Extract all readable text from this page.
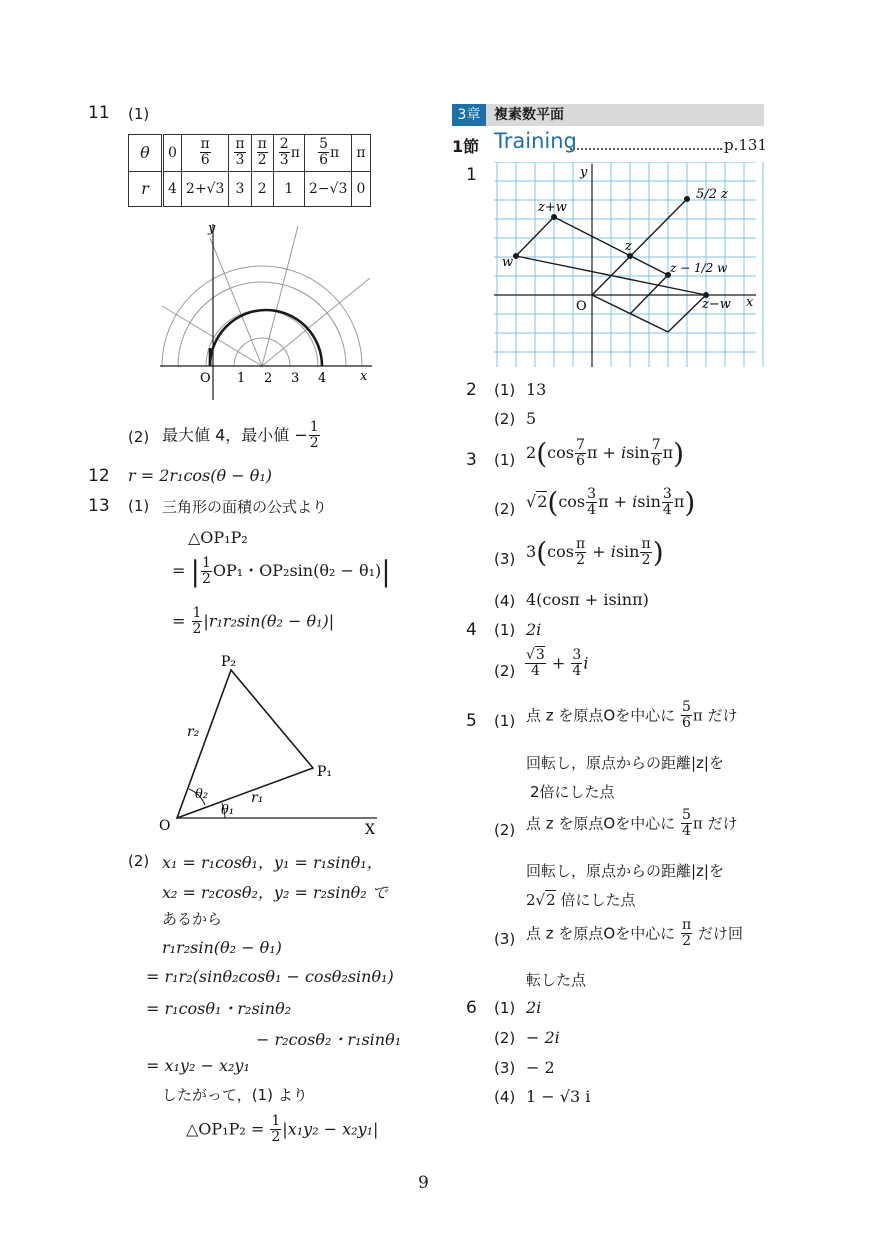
11 (1)
θ	0	$\frac{\pi}{6}$	$\frac{\pi}{3}$	$\frac{\pi}{2}$	$\frac{2}{3}$ π	$\frac{5}{6}$ π	π
r	4	2+√3	3	2	1	2−√3	0
y
x
O 1 2 3 4
(2) 最大値 4，最小値 − $\frac{1}{2}$
12 r = 2r₁cos(θ − θ₁)
13 (1) 三角形の面積の公式より
△OP₁P₂
= | $\frac{1}{2} OP_1$・OP₂sin(θ₂ − θ₁)|
= $\frac{1}{2} |r_1r_2\sin(\theta_2 - \theta_1)|$
P₂
P₁
O	X
r₂
r₁
θ₂
θ₁
(2) x₁ = r₁cosθ₁，y₁ = r₁sinθ₁，
x₂ = r₂cosθ₂，y₂ = r₂sinθ₂ で
あるから
r₁r₂sin(θ₂ − θ₁)
= r₁r₂(sinθ₂cosθ₁ − cosθ₂sinθ₁)
= r₁cosθ₁・r₂sinθ₂
− r₂cosθ₂・r₁sinθ₁
= x₁y₂ − x₂y₁
したがって，(1) より
△OP₁P₂ = $\frac{1}{2} |x_1y_2 - x_2y_1|$
3章 複素数平面
1節 Training	p.131
1	y
x
O
z+w
w
z
5/2 z
z − 1/2 w
z−w
2 (1) 13
(2) 5
3 (1) $2(\cos \frac{7}{6}$ π + isin $\frac{7}{6} \pi$)
(2) $√2(\cos \frac{3}{4}$ π + isin $\frac{3}{4} \pi$)
(3) $3(\cos \frac{\pi}{2} + isin \frac{\pi}{2}$ )
(4) 4(cosπ + isinπ)
4 (1) 2i
$(2) \frac{√3}{4} + \frac{3}{4}$ i
5 (1) 点 z を原点Oを中心に $\frac{5}{6}$ π だけ
回転し，原点からの距離|z|を
2倍にした点
(2) 点 z を原点Oを中心に $\frac{5}{4}$ π だけ
回転し，原点からの距離|z|を
2√2 倍にした点
(3) 点 z を原点Oを中心に $\frac{\pi}{2}$ だけ回
転した点
6 (1) 2i
(2) − 2i
(3) − 2
(4) 1 − √3 i
9
